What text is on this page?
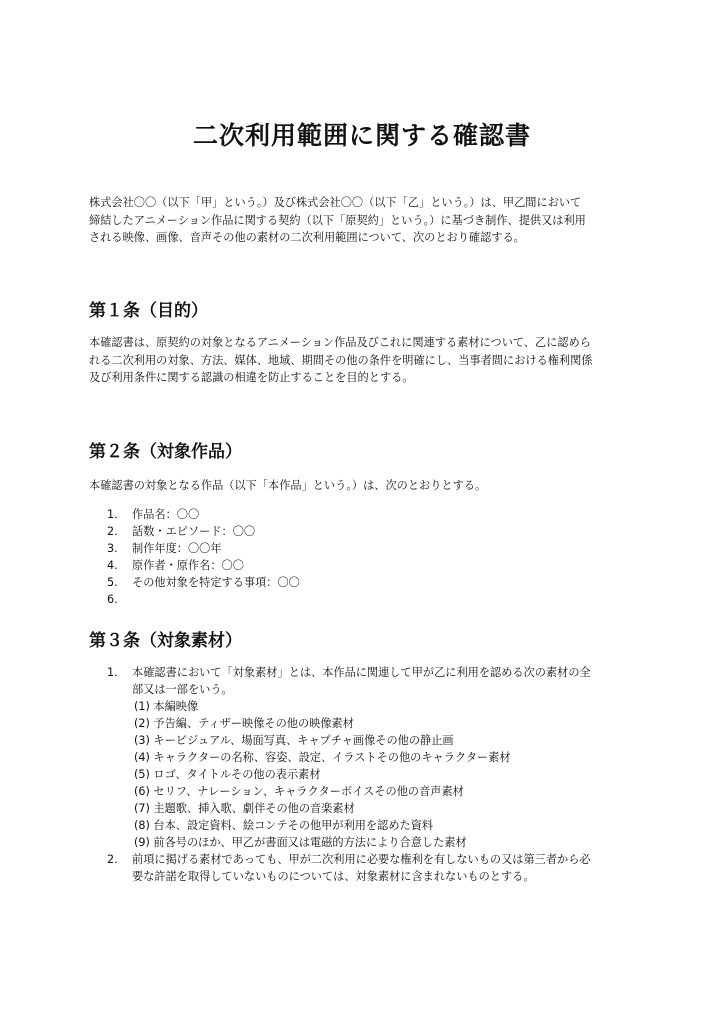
二次利用範囲に関する確認書
株式会社〇〇（以下「甲」という。）及び株式会社〇〇（以下「乙」という。）は、甲乙間において
締結したアニメーション作品に関する契約（以下「原契約」という。）に基づき制作、提供又は利用
される映像、画像、音声その他の素材の二次利用範囲について、次のとおり確認する。
第１条（目的）
本確認書は、原契約の対象となるアニメーション作品及びこれに関連する素材について、乙に認めら
れる二次利用の対象、方法、媒体、地域、期間その他の条件を明確にし、当事者間における権利関係
及び利用条件に関する認識の相違を防止することを目的とする。
第２条（対象作品）
本確認書の対象となる作品（以下「本作品」という。）は、次のとおりとする。
1. 作品名：〇〇
2. 話数・エピソード：〇〇
3. 制作年度：〇〇年
4. 原作者・原作名：〇〇
5. その他対象を特定する事項：〇〇
6.

第３条（対象素材）
1. 本確認書において「対象素材」とは、本作品に関連して甲が乙に利用を認める次の素材の全
部又は一部をいう。
(1) 本編映像
(2) 予告編、ティザー映像その他の映像素材
(3) キービジュアル、場面写真、キャプチャ画像その他の静止画
(4) キャラクターの名称、容姿、設定、イラストその他のキャラクター素材
(5) ロゴ、タイトルその他の表示素材
(6) セリフ、ナレーション、キャラクターボイスその他の音声素材
(7) 主題歌、挿入歌、劇伴その他の音楽素材
(8) 台本、設定資料、絵コンテその他甲が利用を認めた資料
(9) 前各号のほか、甲乙が書面又は電磁的方法により合意した素材
2. 前項に掲げる素材であっても、甲が二次利用に必要な権利を有しないもの又は第三者から必
要な許諾を取得していないものについては、対象素材に含まれないものとする。
